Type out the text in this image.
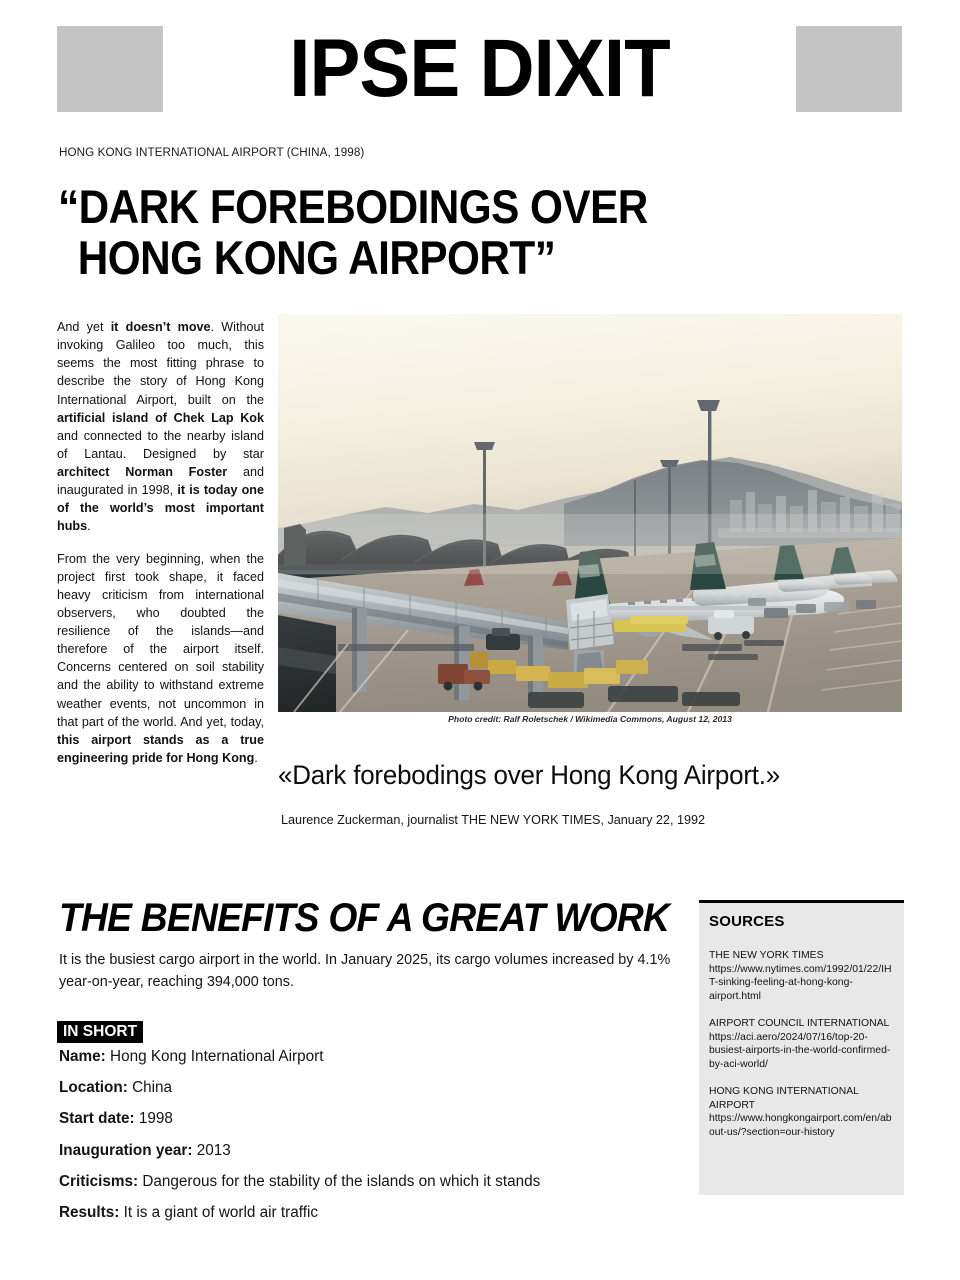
IPSE DIXIT
HONG KONG INTERNATIONAL AIRPORT (CHINA, 1998)
“DARK FOREBODINGS OVER
HONG KONG AIRPORT”

And yet it doesn’t move. Without invoking Galileo too much, this seems the most fitting phrase to describe the story of Hong Kong International Airport, built on the artificial island of Chek Lap Kok and connected to the nearby island of Lantau. Designed by star architect Norman Foster and inaugurated in 1998, it is today one of the world’s most important hubs.

From the very beginning, when the project first took shape, it faced heavy criticism from international observers, who doubted the resilience of the islands—and therefore of the airport itself. Concerns centered on soil stability and the ability to withstand extreme weather events, not uncommon in that part of the world. And yet, today, this airport stands as a true engineering pride for Hong Kong.

Photo credit: Ralf Roletschek / Wikimedia Commons, August 12, 2013
«Dark forebodings over Hong Kong Airport.»
Laurence Zuckerman, journalist THE NEW YORK TIMES, January 22, 1992
THE BENEFITS OF A GREAT WORK
It is the busiest cargo airport in the world. In January 2025, its cargo volumes increased by 4.1% year-on-year, reaching 394,000 tons.
IN SHORT
Name: Hong Kong International Airport
Location: China
Start date: 1998
Inauguration year: 2013
Criticisms: Dangerous for the stability of the islands on which it stands
Results: It is a giant of world air traffic
SOURCES
THE NEW YORK TIMES
https://www.nytimes.com/1992/01/22/IHT-sinking-feeling-at-hong-kong-airport.html
AIRPORT COUNCIL INTERNATIONAL
https://aci.aero/2024/07/16/top-20-busiest-airports-in-the-world-confirmed-by-aci-world/
HONG KONG INTERNATIONAL AIRPORT
https://www.hongkongairport.com/en/about-us/?section=our-history
